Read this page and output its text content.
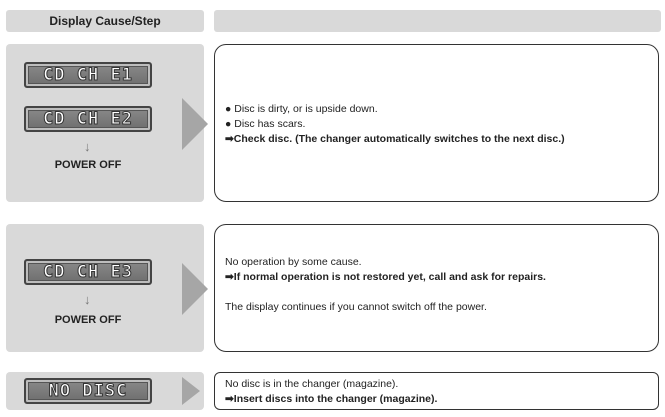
Display Cause/Step
CD CH E1
CD CH E2
↓
POWER OFF
● Disc is dirty, or is upside down.
● Disc has scars.
➡Check disc. (The changer automatically switches to the next disc.)
CD CH E3
↓
POWER OFF
No operation by some cause.
➡If normal operation is not restored yet, call and ask for repairs.
The display continues if you cannot switch off the power.
NO DISC	No disc is in the changer (magazine).
➡Insert discs into the changer (magazine).
